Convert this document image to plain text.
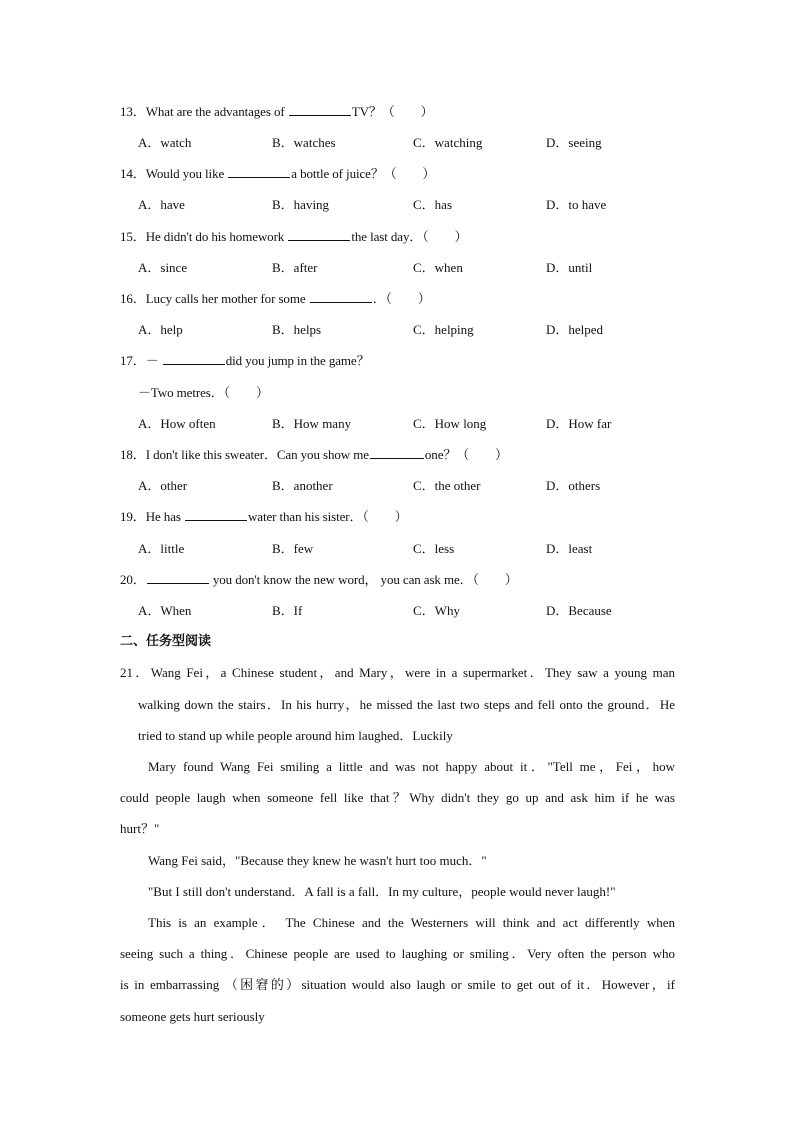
13．What are the advantages of	TV？（　　）
A．watch	B．watches	C．watching	D．seeing
14．Would you like	a bottle of juice？（　　）
A．have	B．having	C．has	D．to have
15．He didn't do his homework	the last day．（　　）
A．since	B．after	C．when	D．until
16．Lucy calls her mother for some	．（　　）
A．help	B．helps	C．helping	D．helped
17．－	did you jump in the game？
－Two metres．（　　）
A．How often	B．How many	C．How long	D．How far
18．I don't like this sweater．Can you show me	one？（　　）
A．other	B．another	C．the other	D．others
19．He has	water than his sister．（　　）
A．little	B．few	C．less	D．least
20．	you don't know the new word， you can ask me．（　　）
A．When	B．If	C．Why	D．Because
二、任务型阅读
21．Wang Fei，a Chinese student，and Mary，were in a supermarket．They saw a young man
walking down the stairs．In his hurry，he missed the last two steps and fell onto the ground．He
tried to stand up while people around him laughed．Luckily
Mary found Wang Fei smiling a little and was not happy about it．"Tell me，Fei，how
could people laugh when someone fell like that？Why didn't they go up and ask him if he was
hurt？"
Wang Fei said，"Because they knew he wasn't hurt too much．"
"But I still don't understand．A fall is a fall．In my culture，people would never laugh!"
This is an example． The Chinese and the Westerners will think and act differently when
seeing such a thing．Chinese people are used to laughing or smiling．Very often the person who
is in embarrassing （困窘的）situation would also laugh or smile to get out of it．However，if
someone gets hurt seriously
